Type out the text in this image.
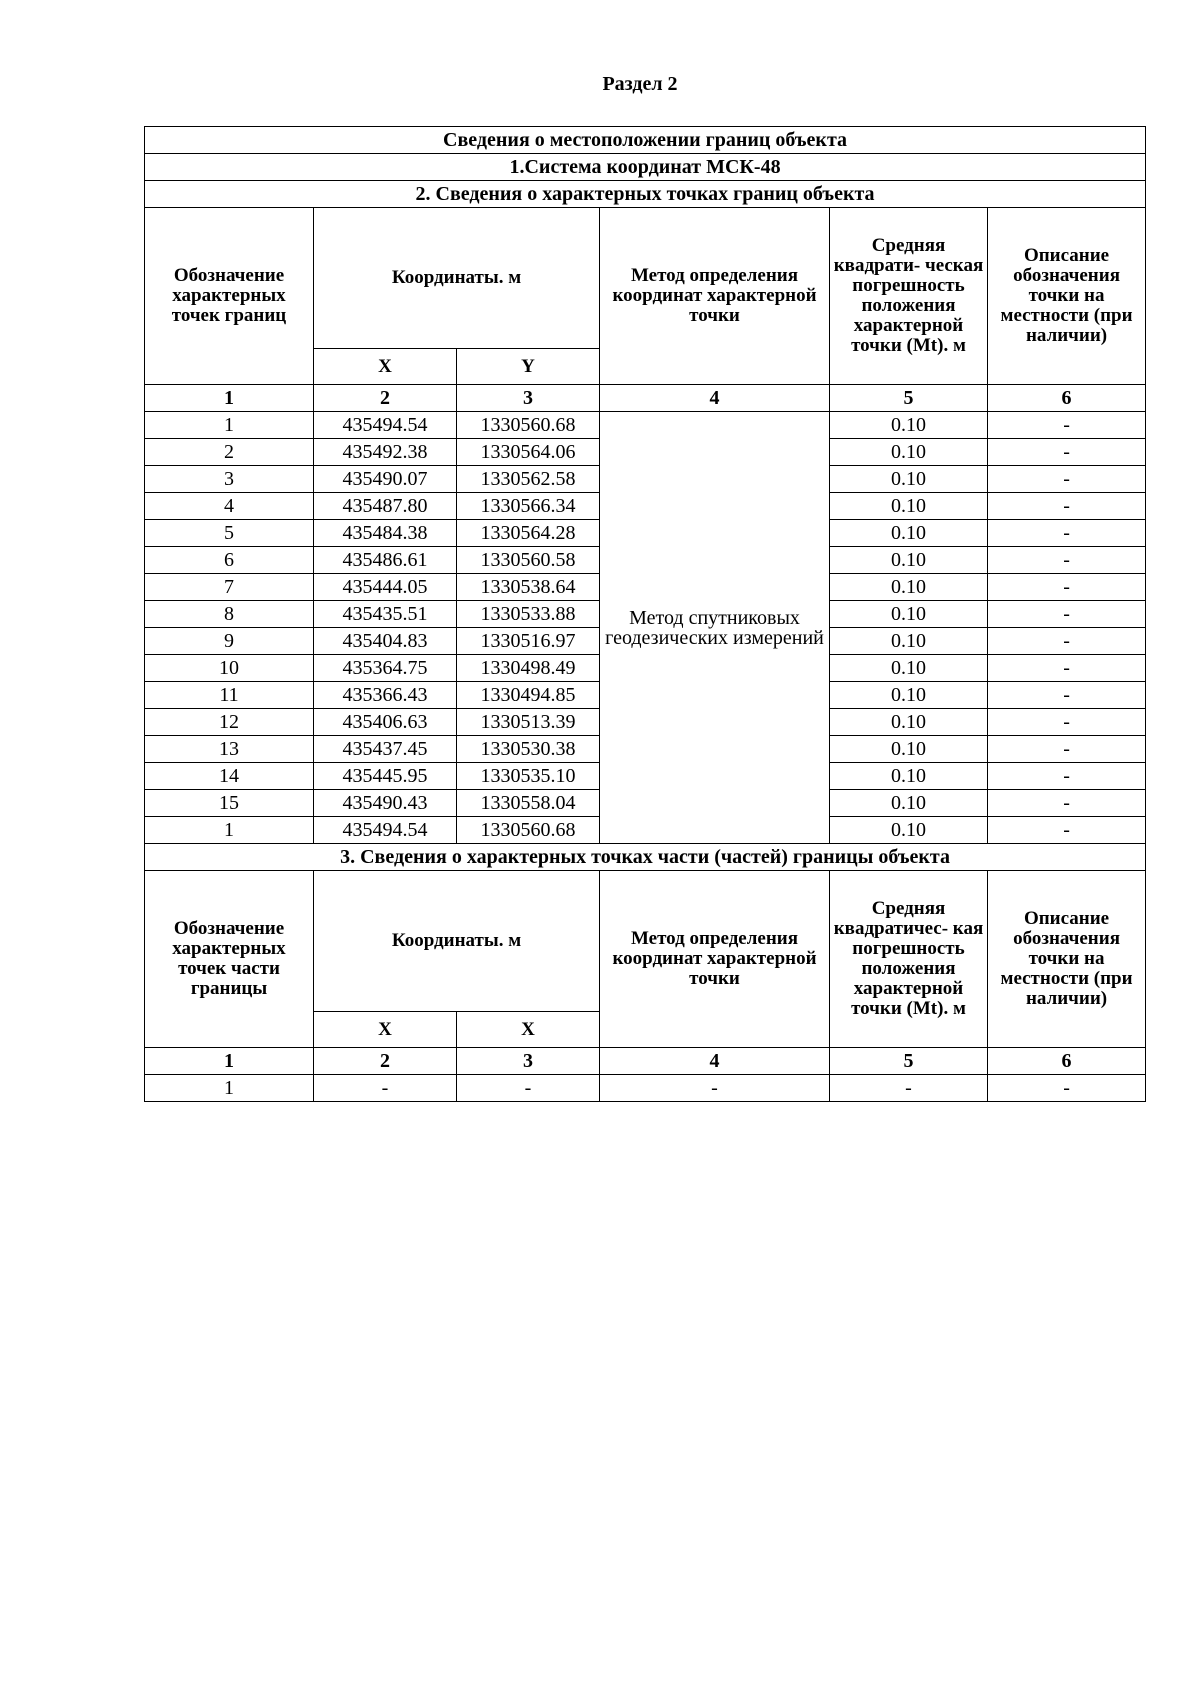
Раздел 2
Сведения о местоположении границ объекта					
1.Система координат МСК-48					
2. Сведения о характерных точках границ объекта					
Обозначение характерных точек границ	Координаты. м		Метод определения координат характерной точки	Средняя квадрати- ческая погрешность положения характерной точки (Mt). м	Описание обозначения точки на местности (при наличии)
	X	Y			
1	2	3	4	5	6
1	435494.54	1330560.68	Метод спутниковых геодезических измерений	0.10	-
2	435492.38	1330564.06		0.10	-
3	435490.07	1330562.58		0.10	-
4	435487.80	1330566.34		0.10	-
5	435484.38	1330564.28		0.10	-
6	435486.61	1330560.58		0.10	-
7	435444.05	1330538.64		0.10	-
8	435435.51	1330533.88		0.10	-
9	435404.83	1330516.97		0.10	-
10	435364.75	1330498.49		0.10	-
11	435366.43	1330494.85		0.10	-
12	435406.63	1330513.39		0.10	-
13	435437.45	1330530.38		0.10	-
14	435445.95	1330535.10		0.10	-
15	435490.43	1330558.04		0.10	-
1	435494.54	1330560.68		0.10	-
3. Сведения о характерных точках части (частей) границы объекта					
Обозначение характерных точек части границы	Координаты. м		Метод определения координат характерной точки	Средняя квадратичес- кая погрешность положения характерной точки (Mt). м	Описание обозначения точки на местности (при наличии)
	X	X			
1	2	3	4	5	6
1	-	-	-	-	-
